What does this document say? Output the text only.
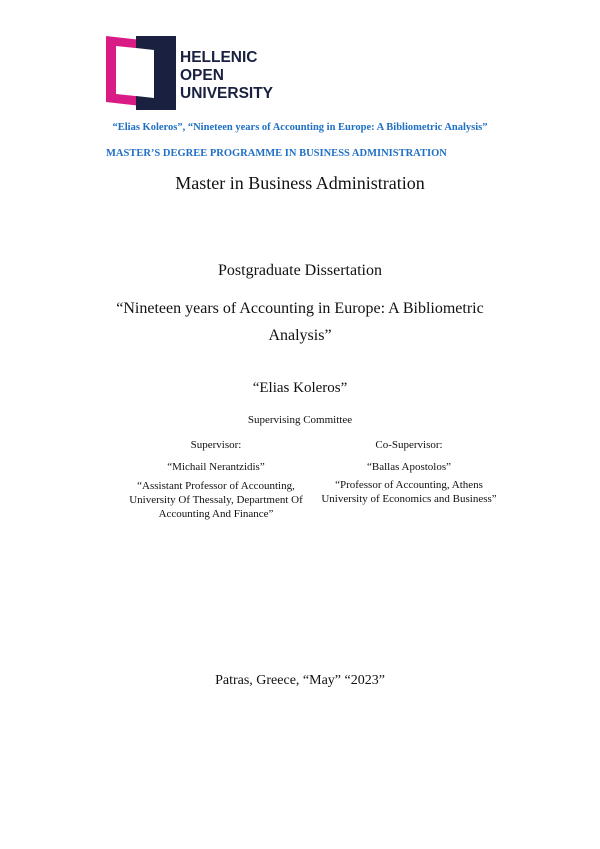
HELLENIC
OPEN
UNIVERSITY
“Elias Koleros”, “Nineteen years of Accounting in Europe: A Bibliometric Analysis”
MASTER’S DEGREE PROGRAMME IN BUSINESS ADMINISTRATION
Master in Business Administration
Postgraduate Dissertation
“Nineteen years of Accounting in Europe: A Bibliometric
Analysis”
“Elias Koleros”
Supervising Committee
Supervisor:
“Michail Nerantzidis”
“Assistant Professor of Accounting,
University Of Thessaly, Department Of
Accounting And Finance”
Co-Supervisor:
“Ballas Apostolos”
“Professor of Accounting, Athens
University of Economics and Business”
Patras, Greece, “May” “2023”
